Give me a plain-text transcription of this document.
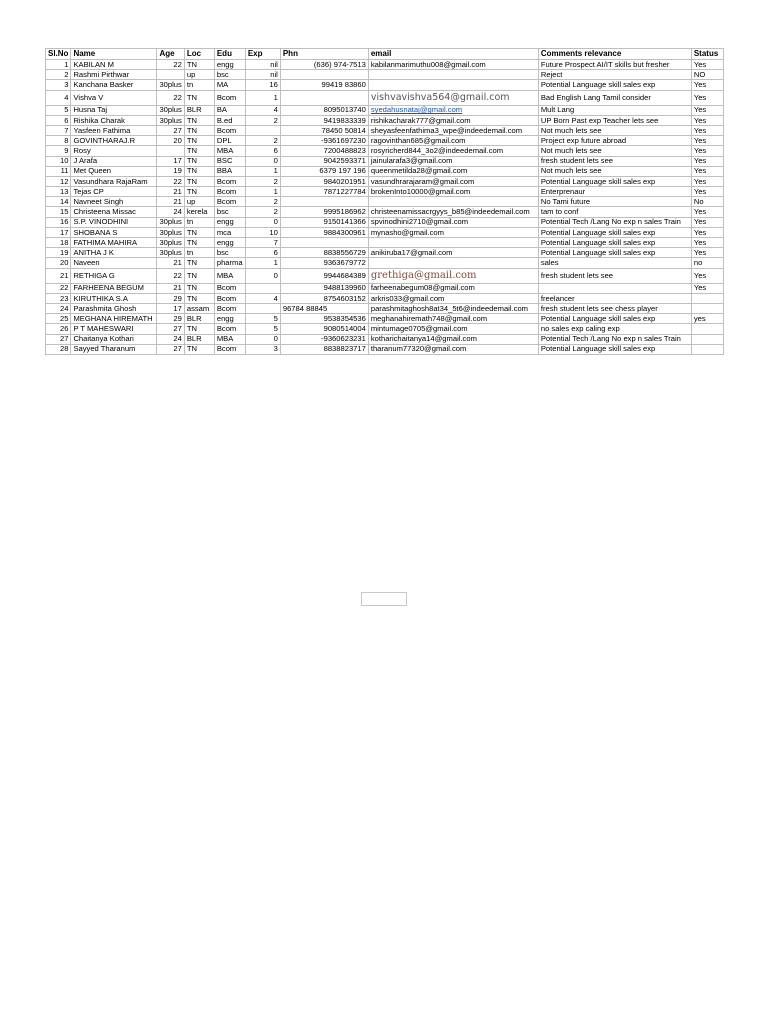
Sl.No	Name	Age	Loc	Edu	Exp	Phn	email	Comments relevance	Status
1	KABILAN M	22	TN	engg	nil	(636) 974-7513	kabilanmarimuthu008@gmail.com	Future Prospect AI/IT skills but fresher	Yes
2	Rashmi Pirthwar		up	bsc	nil			Reject	NO
3	Kanchana Basker	30plus	tn	MA	16	99419 83860		Potential Language skill sales exp	Yes
4	Vishva V	22	TN	Bcom	1		vishvavishva564@gmail.com	Bad English Lang Tamil consider	Yes
5	Husna Taj	30plus	BLR	BA	4	8095013740	syedahusnataj@gmail.com	Mult Lang	Yes
6	Rishika Charak	30plus	TN	B.ed	2	9419833339	rishikacharak777@gmail.com	UP Born Past exp Teacher lets see	Yes
7	Yasfeen Fathima	27	TN	Bcom		78450 50814	sheyasfeenfathima3_wpe@indeedemail.com	Not much lets see	Yes
8	GOVINTHARAJ.R	20	TN	DPL	2	-9361697230	ragovinthan685@gmail.com	Project exp future abroad	Yes
9	Rosy		TN	MBA	6	7200488823	rosyricherd844_3o2@indeedemail.com	Not much lets see	Yes
10	J Arafa	17	TN	BSC	0	9042593371	jainularafa3@gmail.com	fresh student lets see	Yes
11	Met Queen	19	TN	BBA	1	6379 197 196	queenmetilda28@gmail.com	Not much lets see	Yes
12	Vasundhara RajaRam	22	TN	Bcom	2	9840201951	vasundhrarajaram@gmail.com	Potential Language skill sales exp	Yes
13	Tejas CP	21	TN	Bcom	1	7871227784	brokenInto10000@gmail.com	Enterprenaur	Yes
14	Navneet Singh	21	up	Bcom	2			No Tami future	No
15	Christeena Missac	24	kerela	bsc	2	9995186962	christeenamissacrgyys_b85@indeedemail.com	tam to conf	Yes
16	S.P. VINODHINI	30plus	tn	engg	0	9150141366	spvinodhini2710@gmail.com	Potential Tech /Lang No exp n sales Train	Yes
17	SHOBANA S	30plus	TN	mca	10	9884300961	mynasho@gmail.com	Potential Language skill sales exp	Yes
18	FATHIMA MAHIRA	30plus	TN	engg	7			Potential Language skill sales exp	Yes
19	ANITHA J K	30plus	tn	bsc	6	8838556729	anikiruba17@gmail.com	Potential Language skill sales exp	Yes
20	Naveen	21	TN	pharma	1	9363679772		sales	no
21	RETHIGA G	22	TN	MBA	0	9944684389	grethiga@gmail.com	fresh student lets see	Yes
22	FARHEENA BEGUM	21	TN	Bcom		9488139960	farheenabegum08@gmail.com		Yes
23	KIRUTHIKA S.A	29	TN	Bcom	4	8754603152	arkris033@gmail.com	freelancer	
24	Parashmita Ghosh	17	assam	Bcom		96784 88845	parashmitaghosh8at34_5t6@indeedemail.com	fresh student lets see chess player	
25	MEGHANA HIREMATH	29	BLR	engg	5	9538354536	meghanahiremath748@gmail.com	Potential Language skill sales exp	yes
26	P T MAHESWARI	27	TN	Bcom	5	9080514004	mintumage0705@gmail.com	no sales exp caling exp	
27	Chaitanya Kothari	24	BLR	MBA	0	-9360623231	kotharichaitanya14@gmail.com	Potential Tech /Lang No exp n sales Train	
28	Sayyed Tharanum	27	TN	Bcom	3	8838823717	tharanum77320@gmail.com	Potential Language skill sales exp	
